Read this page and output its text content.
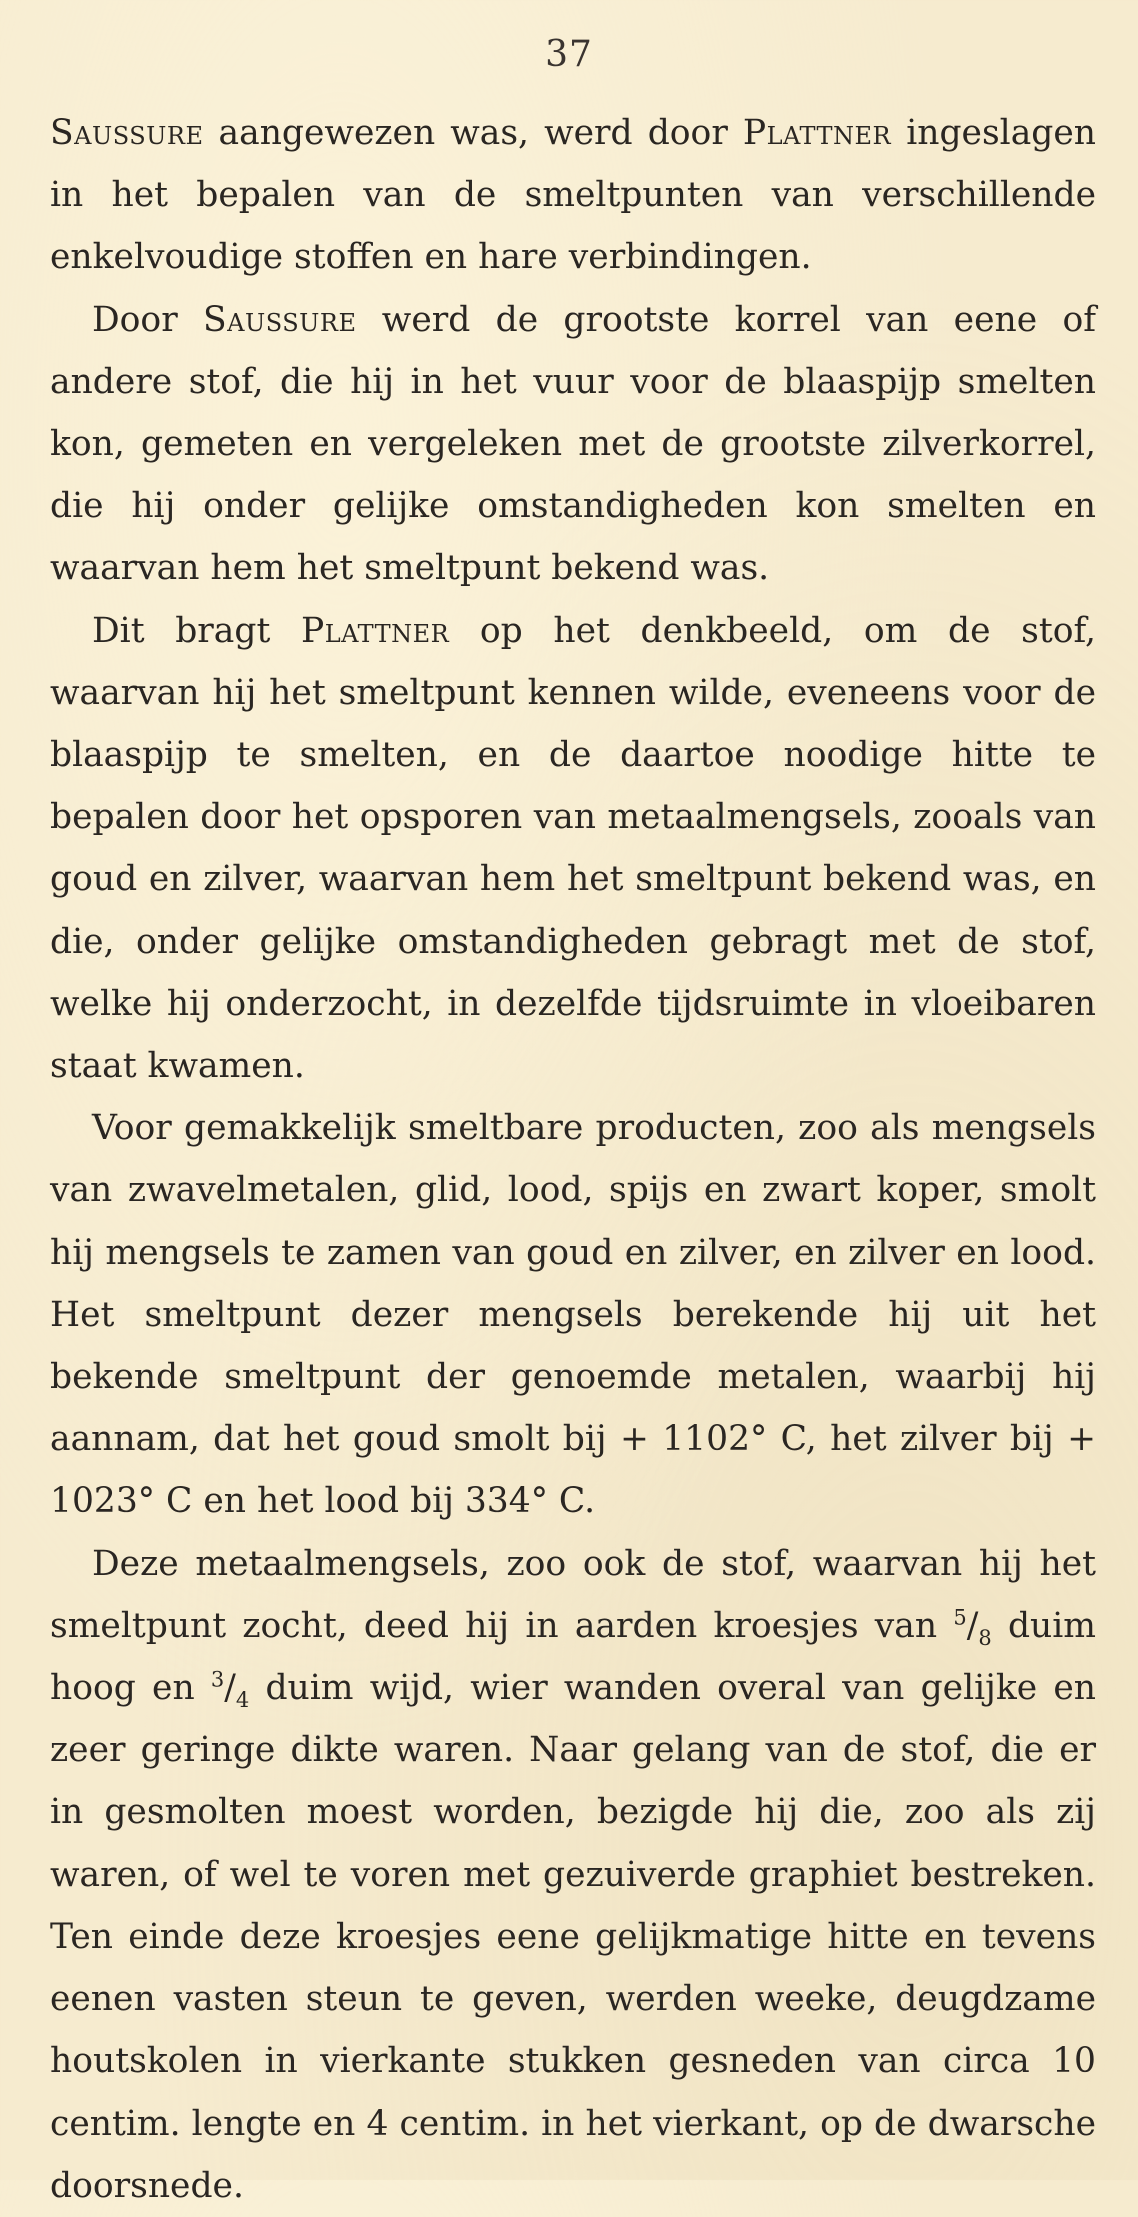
37

Saussure aangewezen was, werd door Plattner ingeslagen in het bepalen van de smeltpunten van verschillende enkelvoudige stoffen en hare verbindingen.

Door Saussure werd de grootste korrel van eene of andere stof, die hij in het vuur voor de blaaspijp smelten kon, gemeten en vergeleken met de grootste zilverkorrel, die hij onder gelijke omstandigheden kon smelten en waarvan hem het smeltpunt bekend was.

Dit bragt Plattner op het denkbeeld, om de stof, waarvan hij het smeltpunt kennen wilde, eveneens voor de blaaspijp te smelten, en de daartoe noodige hitte te bepalen door het opsporen van metaalmengsels, zooals van goud en zilver, waarvan hem het smeltpunt bekend was, en die, onder gelijke omstandigheden gebragt met de stof, welke hij onderzocht, in dezelfde tijdsruimte in vloeibaren staat kwamen.

Voor gemakkelijk smeltbare producten, zoo als mengsels van zwavelmetalen, glid, lood, spijs en zwart koper, smolt hij mengsels te zamen van goud en zilver, en zilver en lood. Het smeltpunt dezer mengsels berekende hij uit het bekende smeltpunt der genoemde metalen, waarbij hij aannam, dat het goud smolt bij + 1102° C, het zilver bij + 1023° C en het lood bij 334° C.

Deze metaalmengsels, zoo ook de stof, waarvan hij het smeltpunt zocht, deed hij in aarden kroesjes van $^5/_8$ duim hoog en $^3/_4$ duim wijd, wier wanden overal van gelijke en zeer geringe dikte waren. Naar gelang van de stof, die er in gesmolten moest worden, bezigde hij die, zoo als zij waren, of wel te voren met gezuiverde graphiet bestreken. Ten einde deze kroesjes eene gelijkmatige hitte en tevens eenen vasten steun te geven, werden weeke, deugdzame houtskolen in vierkante stukken gesneden van circa 10 centim. lengte en 4 centim. in het vierkant, op de dwarsche doorsnede.
